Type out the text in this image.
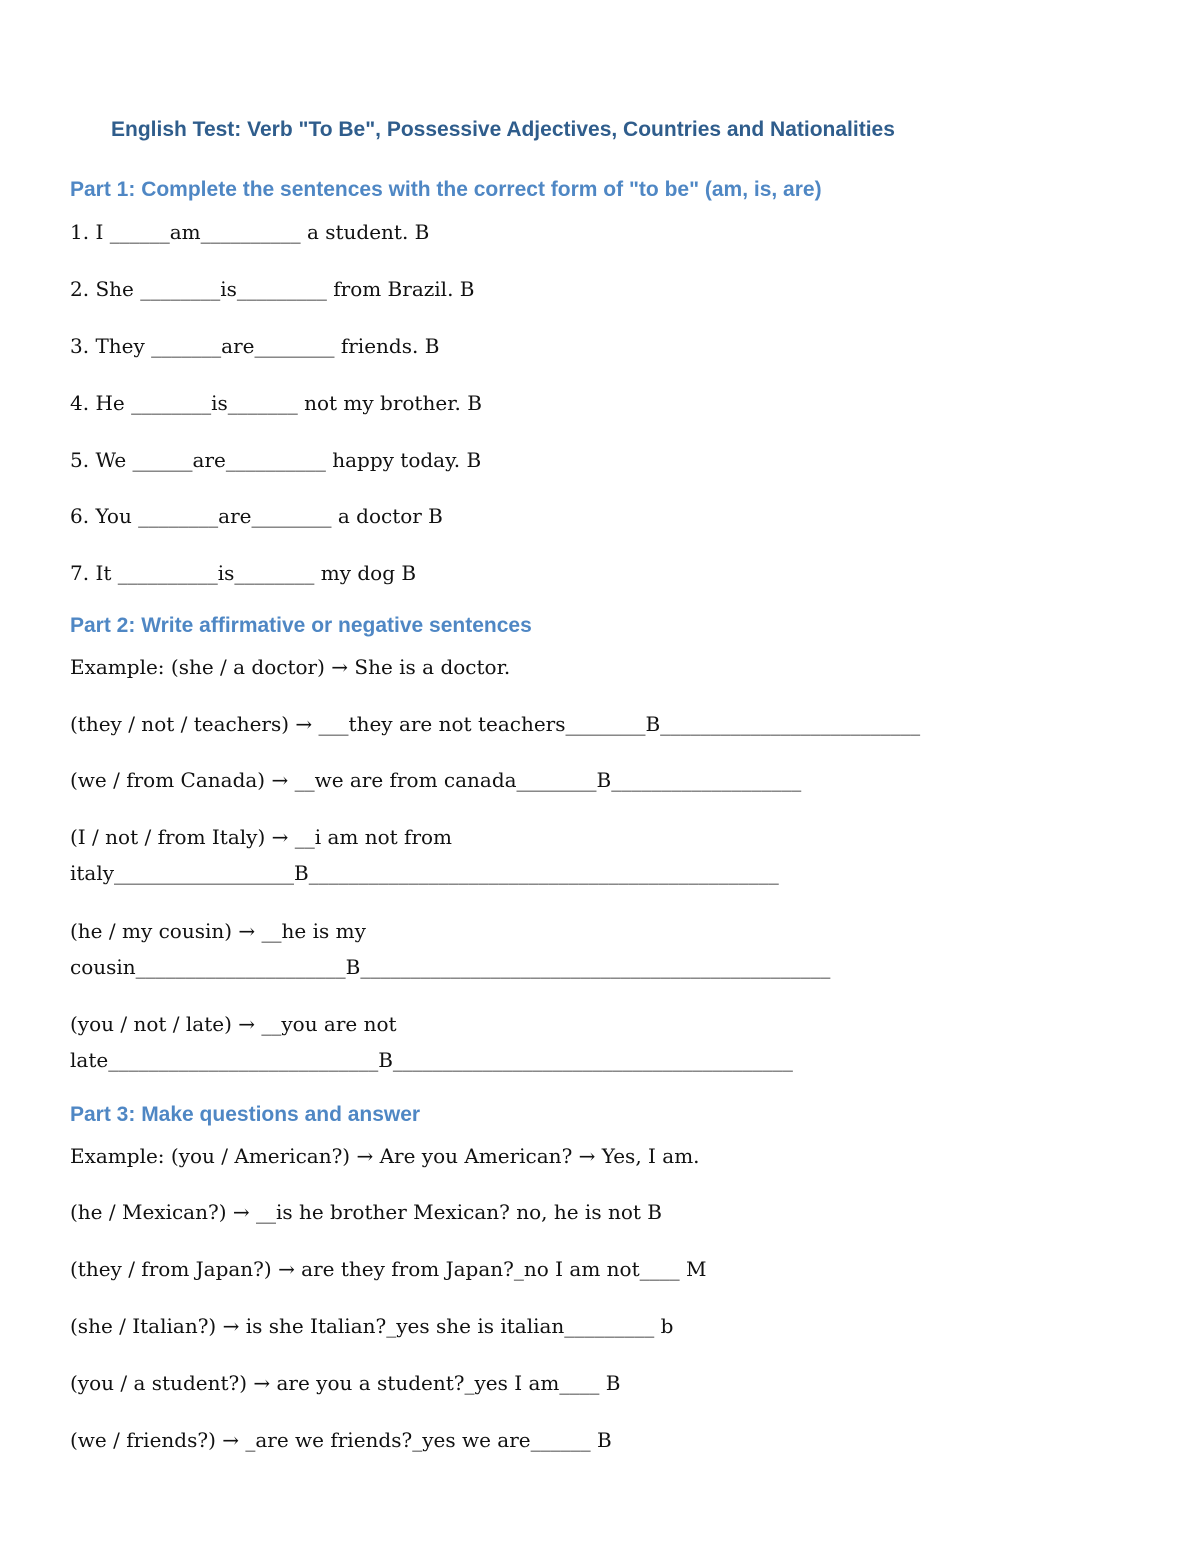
English Test: Verb "To Be", Possessive Adjectives, Countries and Nationalities
Part 1: Complete the sentences with the correct form of "to be" (am, is, are)
1. I ______am__________ a student. B
2. She ________is_________ from Brazil. B
3. They _______are________ friends. B
4. He ________is_______ not my brother. B
5. We ______are__________ happy today. B
6. You ________are________ a doctor B
7. It __________is________ my dog B
Part 2: Write affirmative or negative sentences
Example: (she / a doctor) → She is a doctor.
(they / not / teachers) → ___they are not teachers________B__________________________
(we / from Canada) → __we are from canada________B___________________
(I / not / from Italy) → __i am not from
italy__________________B_______________________________________________
(he / my cousin) → __he is my
cousin_____________________B_______________________________________________
(you / not / late) → __you are not
late___________________________B________________________________________
Part 3: Make questions and answer
Example: (you / American?) → Are you American? → Yes, I am.
(he / Mexican?) → __is he brother Mexican? no, he is not B
(they / from Japan?) → are they from Japan?_no I am not____ M
(she / Italian?) → is she Italian?_yes she is italian_________ b
(you / a student?) → are you a student?_yes I am____ B
(we / friends?) → _are we friends?_yes we are______ B
